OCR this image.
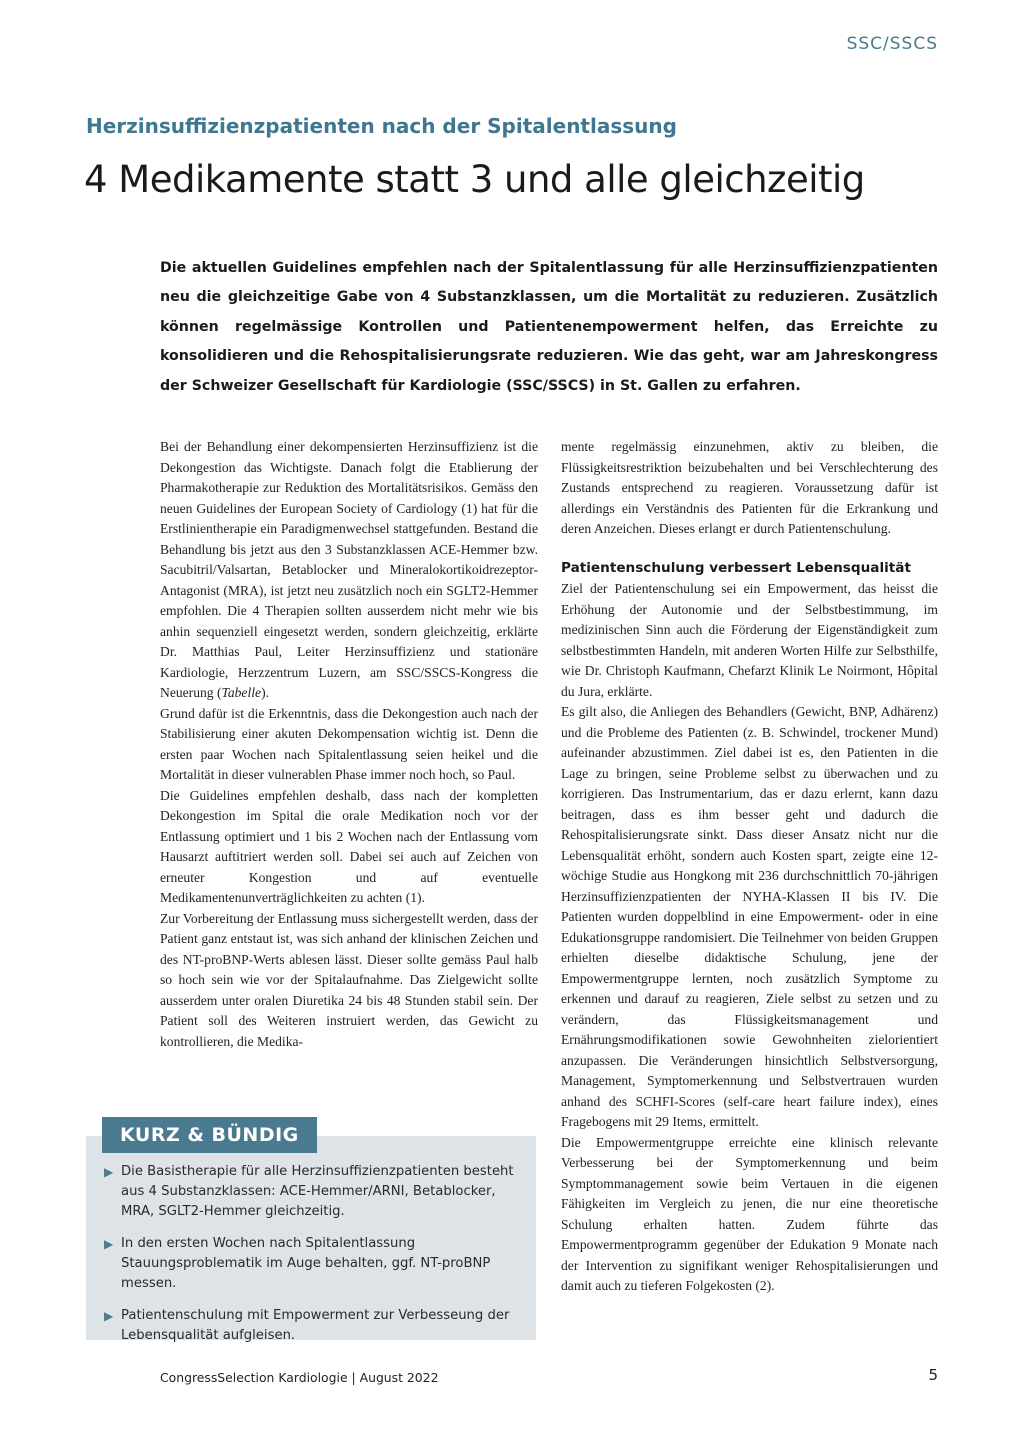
SSC/SSCS
Herzinsuffizienzpatienten nach der Spitalentlassung
4 Medikamente statt 3 und alle gleichzeitig

Die aktuellen Guidelines empfehlen nach der Spitalentlassung für alle Herzinsuffizienzpatienten neu die gleichzeitige Gabe von 4 Substanzklassen, um die Mortalität zu reduzieren. Zusätzlich können regelmässige Kontrollen und Patientenempowerment helfen, das Erreichte zu konsolidieren und die Rehospitalisierungsrate reduzieren. Wie das geht, war am Jahreskongress der Schweizer Gesellschaft für Kardiologie (SSC/SSCS) in St. Gallen zu erfahren.

Bei der Behandlung einer dekompensierten Herzinsuffizienz ist die Dekongestion das Wichtigste. Danach folgt die Etablierung der Pharmakotherapie zur Reduktion des Mortalitätsrisikos. Gemäss den neuen Guidelines der European Society of Cardiology (1) hat für die Erstlinientherapie ein Paradigmenwechsel stattgefunden. Bestand die Behandlung bis jetzt aus den 3 Substanzklassen ACE-Hemmer bzw. Sacubitril/Valsartan, Betablocker und Mineralokortikoidrezeptor-Antagonist (MRA), ist jetzt neu zusätzlich noch ein SGLT2-Hemmer empfohlen. Die 4 Therapien sollten ausserdem nicht mehr wie bis anhin sequenziell eingesetzt werden, sondern gleichzeitig, erklärte Dr. Matthias Paul, Leiter Herzinsuffizienz und stationäre Kardiologie, Herzzentrum Luzern, am SSC/SSCS-Kongress die Neuerung (Tabelle).

Grund dafür ist die Erkenntnis, dass die Dekongestion auch nach der Stabilisierung einer akuten Dekompensation wichtig ist. Denn die ersten paar Wochen nach Spitalentlassung seien heikel und die Mortalität in dieser vulnerablen Phase immer noch hoch, so Paul.

Die Guidelines empfehlen deshalb, dass nach der kompletten Dekongestion im Spital die orale Medikation noch vor der Entlassung optimiert und 1 bis 2 Wochen nach der Entlassung vom Hausarzt auftitriert werden soll. Dabei sei auch auf Zeichen von erneuter Kongestion und auf eventuelle Medikamentenunverträglichkeiten zu achten (1).

Zur Vorbereitung der Entlassung muss sichergestellt werden, dass der Patient ganz entstaut ist, was sich anhand der klinischen Zeichen und des NT-proBNP-Werts ablesen lässt. Dieser sollte gemäss Paul halb so hoch sein wie vor der Spitalaufnahme. Das Zielgewicht sollte ausserdem unter oralen Diuretika 24 bis 48 Stunden stabil sein. Der Patient soll des Weiteren instruiert werden, das Gewicht zu kontrollieren, die Medika-

mente regelmässig einzunehmen, aktiv zu bleiben, die Flüssigkeitsrestriktion beizubehalten und bei Verschlechterung des Zustands entsprechend zu reagieren. Voraussetzung dafür ist allerdings ein Verständnis des Patienten für die Erkrankung und deren Anzeichen. Dieses erlangt er durch Patientenschulung.

Patientenschulung verbessert Lebensqualität

Ziel der Patientenschulung sei ein Empowerment, das heisst die Erhöhung der Autonomie und der Selbstbestimmung, im medizinischen Sinn auch die Förderung der Eigenständigkeit zum selbstbestimmten Handeln, mit anderen Worten Hilfe zur Selbsthilfe, wie Dr. Christoph Kaufmann, Chefarzt Klinik Le Noirmont, Hôpital du Jura, erklärte.

Es gilt also, die Anliegen des Behandlers (Gewicht, BNP, Adhärenz) und die Probleme des Patienten (z. B. Schwindel, trockener Mund) aufeinander abzustimmen. Ziel dabei ist es, den Patienten in die Lage zu bringen, seine Probleme selbst zu überwachen und zu korrigieren. Das Instrumentarium, das er dazu erlernt, kann dazu beitragen, dass es ihm besser geht und dadurch die Rehospitalisierungsrate sinkt. Dass dieser Ansatz nicht nur die Lebensqualität erhöht, sondern auch Kosten spart, zeigte eine 12-wöchige Studie aus Hongkong mit 236 durchschnittlich 70-jährigen Herzinsuffizienzpatienten der NYHA-Klassen II bis IV. Die Patienten wurden doppelblind in eine Empowerment- oder in eine Edukationsgruppe randomisiert. Die Teilnehmer von beiden Gruppen erhielten dieselbe didaktische Schulung, jene der Empowermentgruppe lernten, noch zusätzlich Symptome zu erkennen und darauf zu reagieren, Ziele selbst zu setzen und zu verändern, das Flüssigkeitsmanagement und Ernährungsmodifikationen sowie Gewohnheiten zielorientiert anzupassen. Die Veränderungen hinsichtlich Selbstversorgung, Management, Symptomerkennung und Selbstvertrauen wurden anhand des SCHFI-Scores (self-care heart failure index), eines Fragebogens mit 29 Items, ermittelt.

Die Empowermentgruppe erreichte eine klinisch relevante Verbesserung bei der Symptomerkennung und beim Symptommanagement sowie beim Vertauen in die eigenen Fähigkeiten im Vergleich zu jenen, die nur eine theoretische Schulung erhalten hatten. Zudem führte das Empowermentprogramm gegenüber der Edukation 9 Monate nach der Intervention zu signifikant weniger Rehospitalisierungen und damit auch zu tieferen Folgekosten (2).

▶ Die Basistherapie für alle Herzinsuffizienzpatienten besteht aus 4 Substanzklassen: ACE-Hemmer/ARNI, Betablocker, MRA, SGLT2-Hemmer gleichzeitig.
▶ In den ersten Wochen nach Spitalentlassung Stauungsproblematik im Auge behalten, ggf. NT-proBNP messen.
▶ Patientenschulung mit Empowerment zur Verbesseung der Lebensqualität aufgleisen.
KURZ & BÜNDIG
CongressSelection Kardiologie | August 2022	5
